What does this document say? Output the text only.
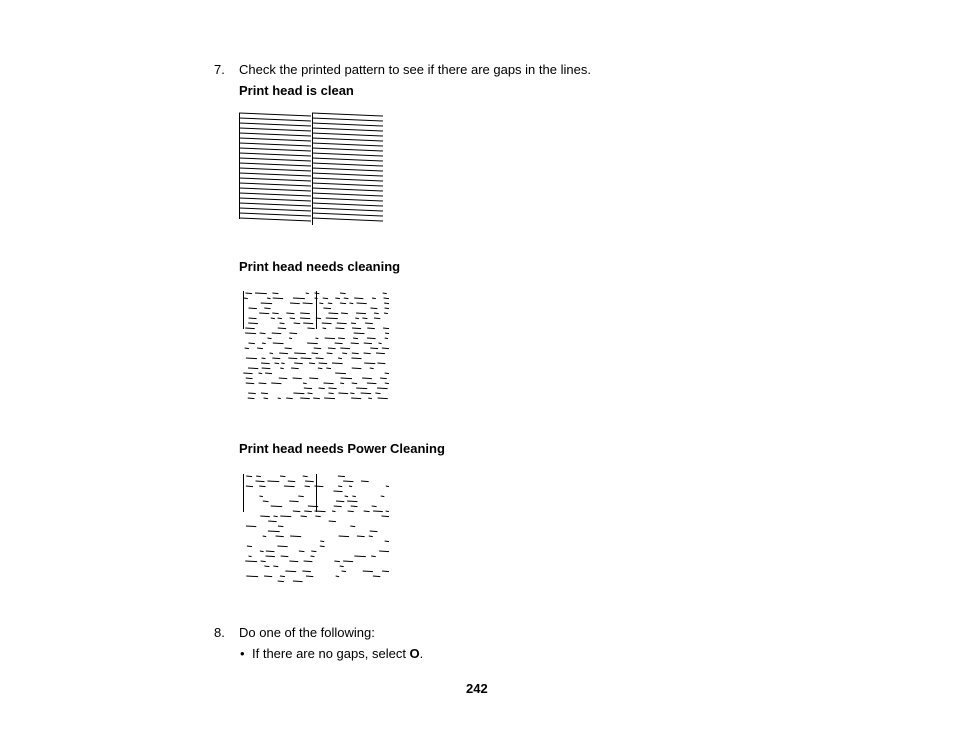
7. Check the printed pattern to see if there are gaps in the lines.
Print head is clean
Print head needs cleaning
Print head needs Power Cleaning
8. Do one of the following:
• If there are no gaps, select O.
242
